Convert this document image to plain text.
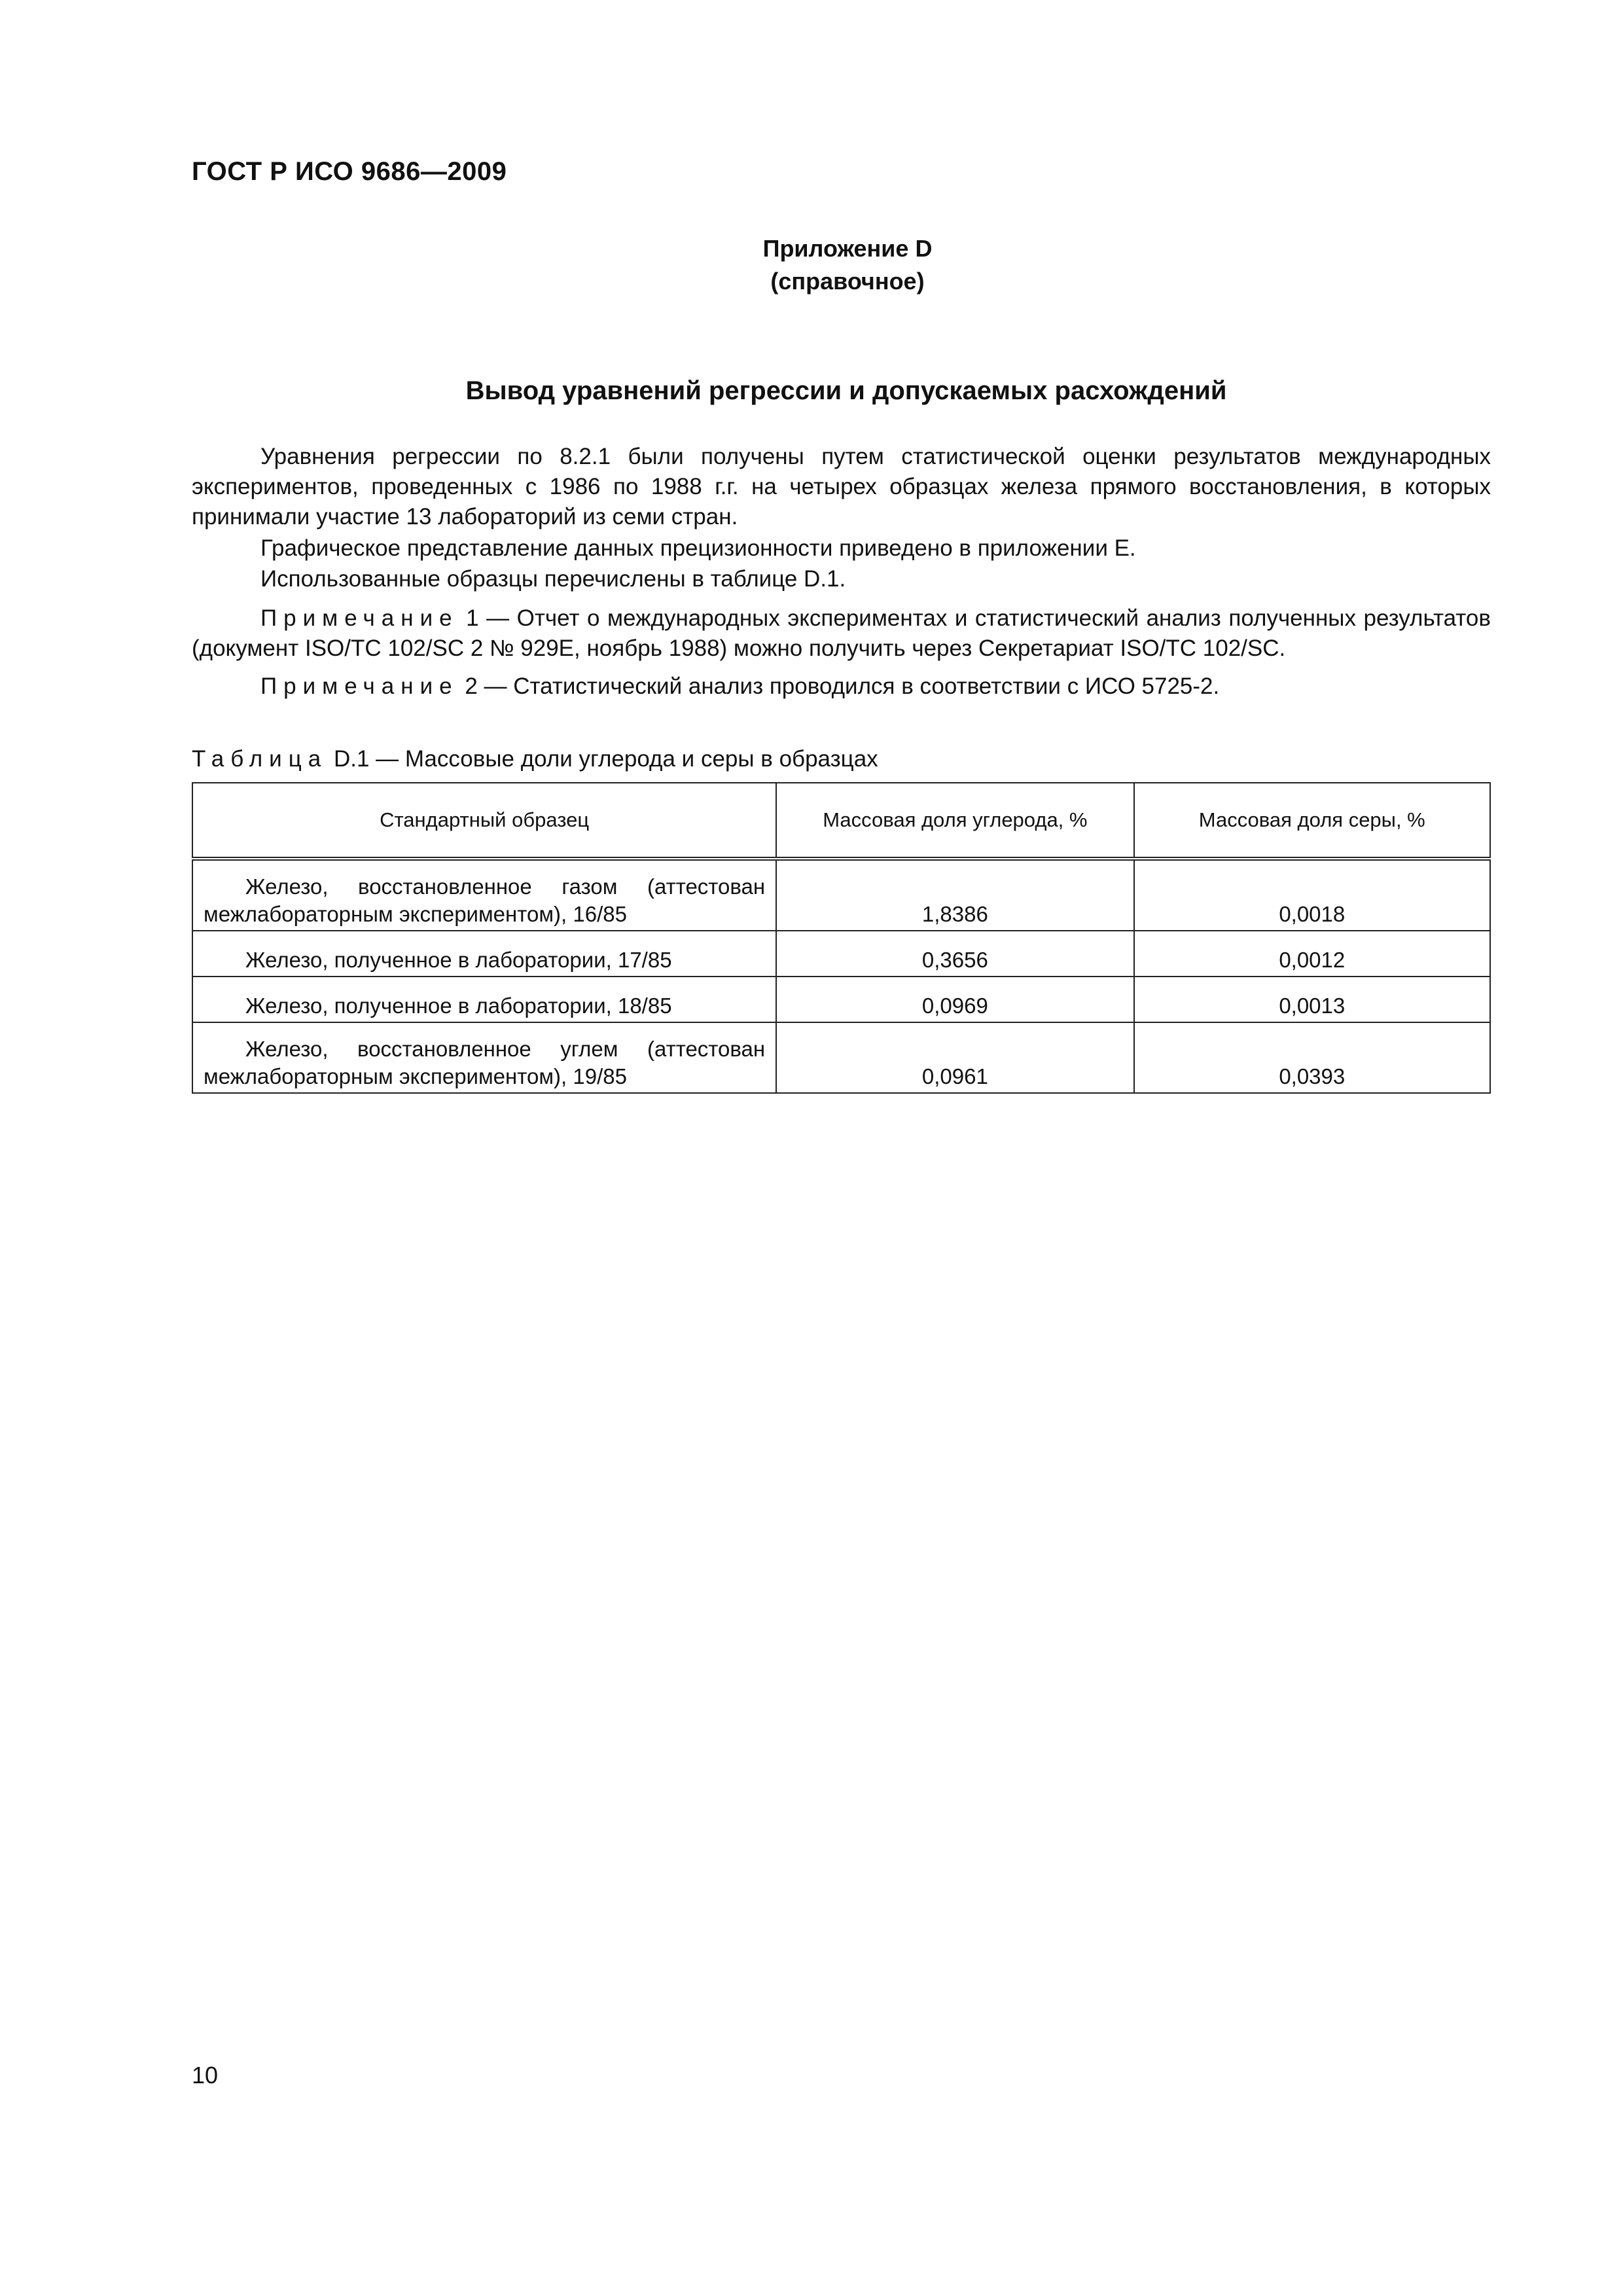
ГОСТ Р ИСО 9686—2009
Приложение D
(справочное)
Вывод уравнений регрессии и допускаемых расхождений
Уравнения регрессии по 8.2.1 были получены путем статистической оценки результатов международных экспериментов, проведенных с 1986 по 1988 г.г. на четырех образцах железа прямого восстановления, в которых принимали участие 13 лабораторий из семи стран.
Графическое представление данных прецизионности приведено в приложении Е.
Использованные образцы перечислены в таблице D.1.
Примечание 1 — Отчет о международных экспериментах и статистический анализ полученных результатов (документ ISO/TC 102/SC 2 № 929E, ноябрь 1988) можно получить через Секретариат ISO/TC 102/SC.
Примечание 2 — Статистический анализ проводился в соответствии с ИСО 5725-2.
Таблица D.1 — Массовые доли углерода и серы в образцах
Стандартный образец	Массовая доля углерода, %	Массовая доля серы, %
Железо, восстановленное газом (аттестован межлабораторным экспериментом), 16/85	1,8386	0,0018
Железо, полученное в лаборатории, 17/85	0,3656	0,0012
Железо, полученное в лаборатории, 18/85	0,0969	0,0013
Железо, восстановленное углем (аттестован межлабораторным экспериментом), 19/85	0,0961	0,0393
10
